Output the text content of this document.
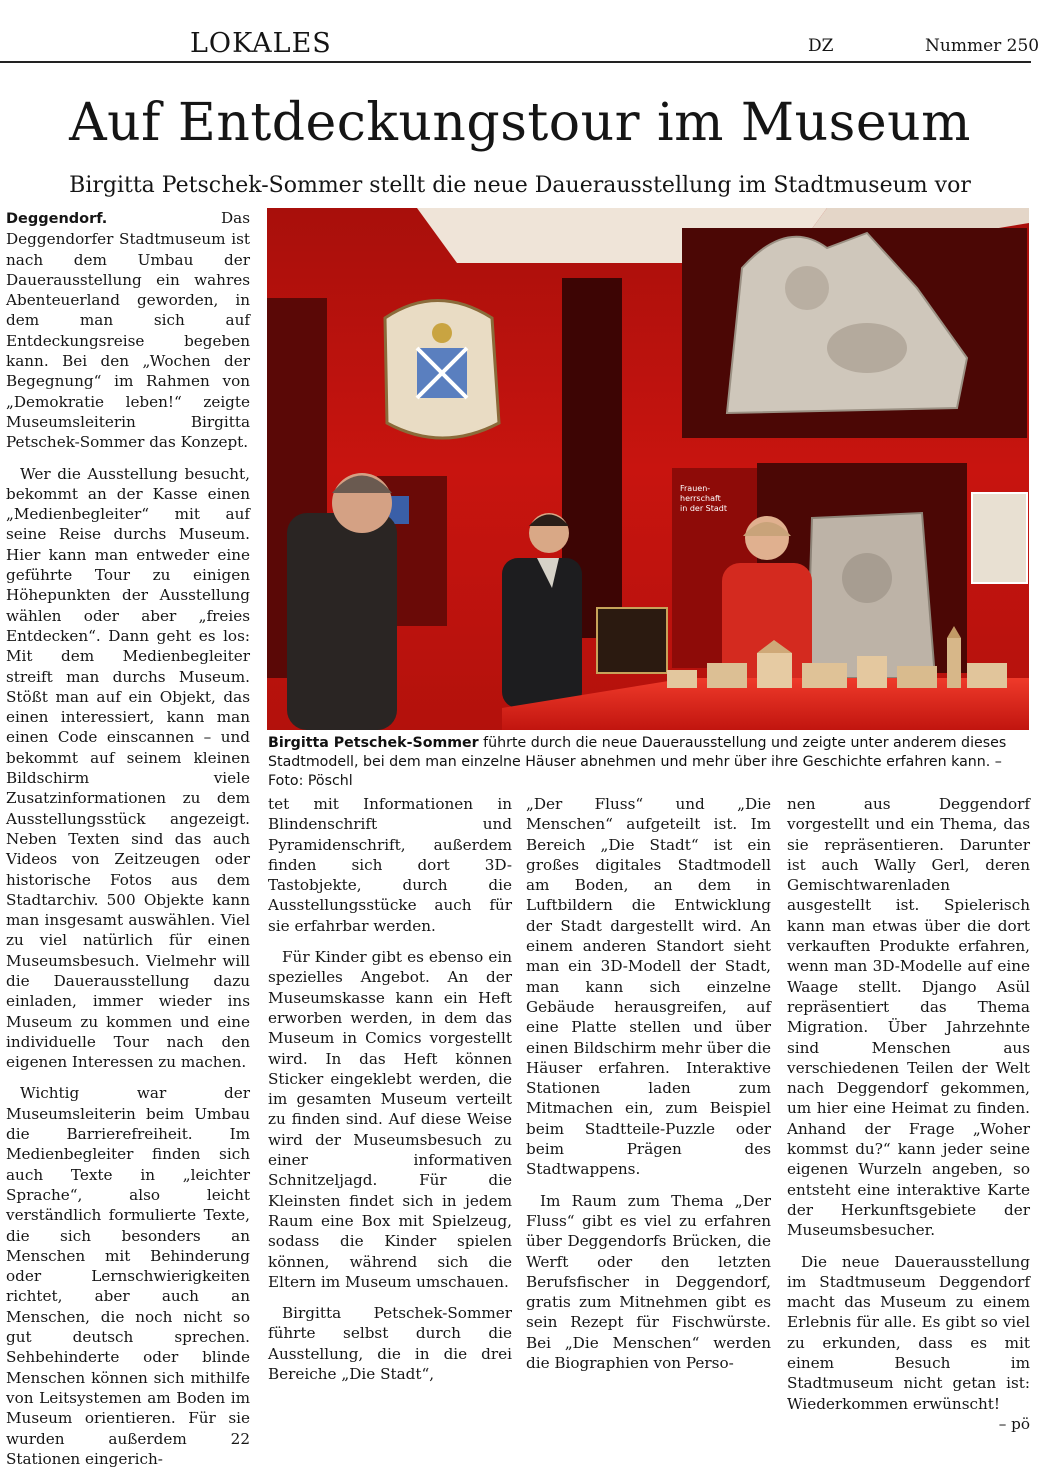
LOKALES	DZ	Nummer 250
Auf Entdeckungstour im Museum
Birgitta Petschek-Sommer stellt die neue Dauerausstellung im Stadtmuseum vor
Frauen-herrschaft in der Stadt
Birgitta Petschek-Sommer führte durch die neue Dauerausstellung und zeigte unter anderem dieses Stadtmodell, bei dem man einzelne Häuser abnehmen und mehr über ihre Geschichte erfahren kann. – Foto: Pöschl

Deggendorf. Das Deggendorfer Stadtmuseum ist nach dem Umbau der Dauerausstellung ein wahres Abenteuerland geworden, in dem man sich auf Entdeckungsreise begeben kann. Bei den „Wochen der Begegnung“ im Rahmen von „Demokratie leben!“ zeigte Museumsleiterin Birgitta Petschek-Sommer das Konzept.

Wer die Ausstellung besucht, bekommt an der Kasse einen „Medienbegleiter“ mit auf seine Reise durchs Museum. Hier kann man entweder eine geführte Tour zu einigen Höhepunkten der Ausstellung wählen oder aber „freies Entdecken“. Dann geht es los: Mit dem Medienbegleiter streift man durchs Museum. Stößt man auf ein Objekt, das einen interessiert, kann man einen Code einscannen – und bekommt auf seinem kleinen Bildschirm viele Zusatzinformationen zu dem Ausstellungsstück angezeigt. Neben Texten sind das auch Videos von Zeitzeugen oder historische Fotos aus dem Stadtarchiv. 500 Objekte kann man insgesamt auswählen. Viel zu viel natürlich für einen Museumsbesuch. Vielmehr will die Dauerausstellung dazu einladen, immer wieder ins Museum zu kommen und eine individuelle Tour nach den eigenen Interessen zu machen.

Wichtig war der Museumsleiterin beim Umbau die Barrierefreiheit. Im Medienbegleiter finden sich auch Texte in „leichter Sprache“, also leicht verständlich formulierte Texte, die sich besonders an Menschen mit Behinderung oder Lernschwierigkeiten richtet, aber auch an Menschen, die noch nicht so gut deutsch sprechen. Sehbehinderte oder blinde Menschen können sich mithilfe von Leitsystemen am Boden im Museum orientieren. Für sie wurden außerdem 22 Stationen eingerich-

tet mit Informationen in Blindenschrift und Pyramidenschrift, außerdem finden sich dort 3D-Tastobjekte, durch die Ausstellungsstücke auch für sie erfahrbar werden.

Für Kinder gibt es ebenso ein spezielles Angebot. An der Museumskasse kann ein Heft erworben werden, in dem das Museum in Comics vorgestellt wird. In das Heft können Sticker eingeklebt werden, die im gesamten Museum verteilt zu finden sind. Auf diese Weise wird der Museumsbesuch zu einer informativen Schnitzeljagd. Für die Kleinsten findet sich in jedem Raum eine Box mit Spielzeug, sodass die Kinder spielen können, während sich die Eltern im Museum umschauen.

Birgitta Petschek-Sommer führte selbst durch die Ausstellung, die in die drei Bereiche „Die Stadt“,

„Der Fluss“ und „Die Menschen“ aufgeteilt ist. Im Bereich „Die Stadt“ ist ein großes digitales Stadtmodell am Boden, an dem in Luftbildern die Entwicklung der Stadt dargestellt wird. An einem anderen Standort sieht man ein 3D-Modell der Stadt, man kann sich einzelne Gebäude herausgreifen, auf eine Platte stellen und über einen Bildschirm mehr über die Häuser erfahren. Interaktive Stationen laden zum Mitmachen ein, zum Beispiel beim Stadtteile-Puzzle oder beim Prägen des Stadtwappens.

Im Raum zum Thema „Der Fluss“ gibt es viel zu erfahren über Deggendorfs Brücken, die Werft oder den letzten Berufsfischer in Deggendorf, gratis zum Mitnehmen gibt es sein Rezept für Fischwürste. Bei „Die Menschen“ werden die Biographien von Perso-

nen aus Deggendorf vorgestellt und ein Thema, das sie repräsentieren. Darunter ist auch Wally Gerl, deren Gemischtwarenladen ausgestellt ist. Spielerisch kann man etwas über die dort verkauften Produkte erfahren, wenn man 3D-Modelle auf eine Waage stellt. Django Asül repräsentiert das Thema Migration. Über Jahrzehnte sind Menschen aus verschiedenen Teilen der Welt nach Deggendorf gekommen, um hier eine Heimat zu finden. Anhand der Frage „Woher kommst du?“ kann jeder seine eigenen Wurzeln angeben, so entsteht eine interaktive Karte der Herkunftsgebiete der Museumsbesucher.

Die neue Dauerausstellung im Stadtmuseum Deggendorf macht das Museum zu einem Erlebnis für alle. Es gibt so viel zu erkunden, dass es mit einem Besuch im Stadtmuseum nicht getan ist: Wiederkommen erwünscht!
– pö
